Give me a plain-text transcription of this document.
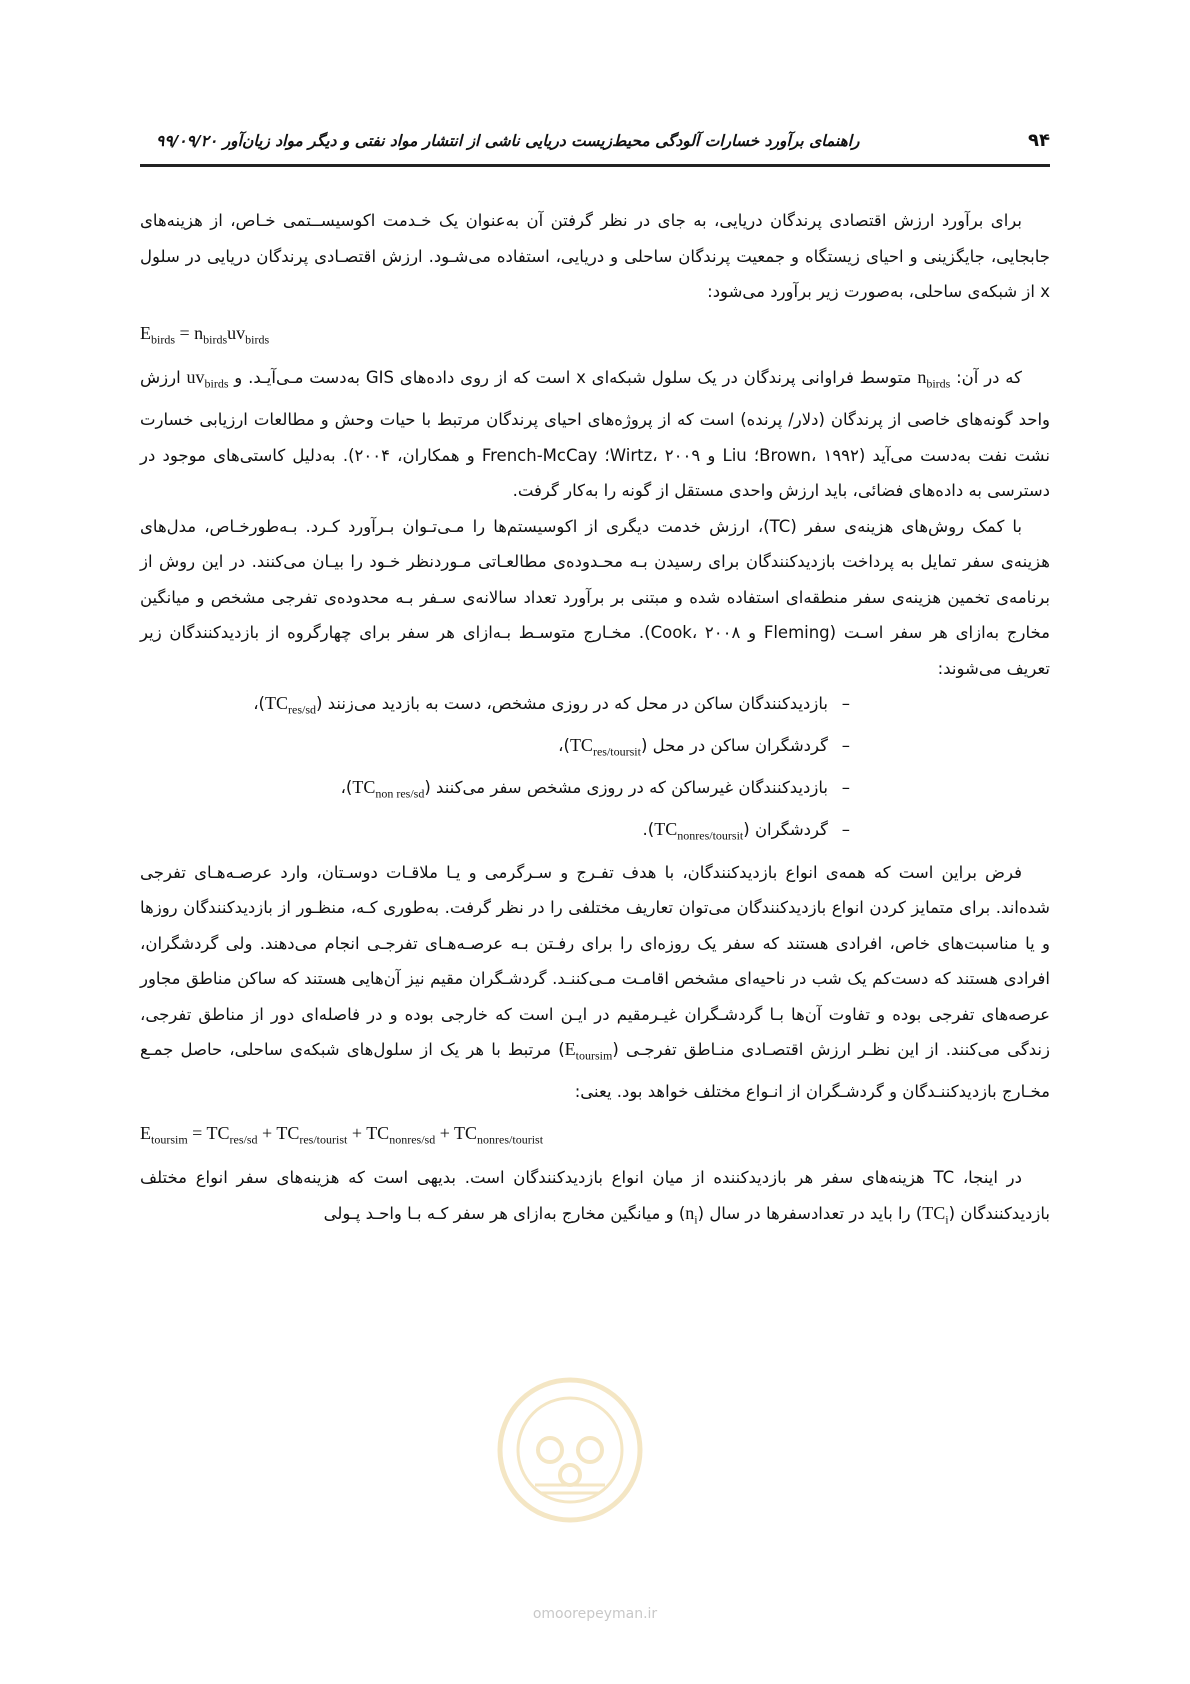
۹۴
راهنمای برآورد خسارات آلودگی محیط‌زیست دریایی ناشی از انتشار مواد نفتی و دیگر مواد زیان‌آور ۹۹/۰۹/۲۰

برای برآورد ارزش اقتصادی پرندگان دریایی، به جای در نظر گرفتن آن به‌عنوان یک خـدمت اکوسیســتمی خـاص، از هزینه‌های جابجایی، جایگزینی و احیای زیستگاه و جمعیت پرندگان ساحلی و دریایی، استفاده می‌شـود. ارزش اقتصـادی پرندگان دریایی در سلول x از شبکه‌ی ساحلی، به‌صورت زیر برآورد می‌شود:

$E_{birds} = n_{birds}uv_{birds}$

که در آن: $n_{birds}$ متوسط فراوانی پرندگان در یک سلول شبکه‌ای x است که از روی داده‌های GIS به‌دست مـی‌آیـد. و $uv_{birds}$ ارزش واحد گونه‌های خاصی از پرندگان (دلار/ پرنده) است که از پروژه‌های احیای پرندگان مرتبط با حیات وحش و مطالعات ارزیابی خسارت نشت نفت به‌دست می‌آید (Brown، ۱۹۹۲؛ Liu و Wirtz، ۲۰۰۹؛ French-McCay و همکاران، ۲۰۰۴). به‌دلیل کاستی‌های موجود در دسترسی به داده‌های فضائی، باید ارزش واحدی مستقل از گونه را به‌کار گرفت.

با کمک روش‌های هزینه‌ی سفر (TC)، ارزش خدمت دیگری از اکوسیستم‌ها را مـی‌تـوان بـرآورد کـرد. بـه‌طورخـاص، مدل‌های هزینه‌ی سفر تمایل به پرداخت بازدیدکنندگان برای رسیدن بـه محـدوده‌ی مطالعـاتی مـوردنظر خـود را بیـان می‌کنند. در این روش از برنامه‌ی تخمین هزینه‌ی سفر منطقه‌ای استفاده شده و مبتنی بر برآورد تعداد سالانه‌ی سـفر بـه محدوده‌ی تفرجی مشخص و میانگین مخارج به‌ازای هر سفر اسـت (Fleming و Cook، ۲۰۰۸). مخـارج متوسـط بـه‌ازای هر سفر برای چهارگروه از بازدیدکنندگان زیر تعریف می‌شوند:

– بازدیدکنندگان ساکن در محل که در روزی مشخص، دست به بازدید می‌زنند $(TC_{res/sd})،$
– گردشگران ساکن در محل $(TC_{res/toursit})،$
– بازدیدکنندگان غیرساکن که در روزی مشخص سفر می‌کنند $(TC_{non res/sd})،$
– گردشگران $(TC_{nonres/toursit})$.

فرض براین است که همه‌ی انواع بازدیدکنندگان، با هدف تفـرج و سـرگرمی و یـا ملاقـات دوسـتان، وارد عرصـه‌هـای تفرجی شده‌اند. برای متمایز کردن انواع بازدیدکنندگان می‌توان تعاریف مختلفی را در نظر گرفت. به‌طوری کـه، منظـور از بازدیدکنندگان روزها و یا مناسبت‌های خاص، افرادی هستند که سفر یک روزه‌ای را برای رفـتن بـه عرصـه‌هـای تفرجـی انجام می‌دهند. ولی گردشگران، افرادی هستند که دست‌کم یک شب در ناحیه‌ای مشخص اقامـت مـی‌کننـد. گردشـگران مقیم نیز آن‌هایی هستند که ساکن مناطق مجاور عرصه‌های تفرجی بوده و تفاوت آن‌ها بـا گردشـگران غیـرمقیم در ایـن است که خارجی بوده و در فاصله‌ای دور از مناطق تفرجی، زندگی می‌کنند. از این نظـر ارزش اقتصـادی منـاطق تفرجـی $(E_{toursim})$ مرتبط با هر یک از سلول‌های شبکه‌ی ساحلی، حاصل جمـع مخـارج بازدیدکننـدگان و گردشـگران از انـواع مختلف خواهد بود. یعنی:

$E_{toursim} = TC_{res/sd} + TC_{res/tourist} + TC_{nonres/sd} + TC_{nonres/tourist}$

در اینجا، TC هزینه‌های سفر هر بازدیدکننده از میان انواع بازدیدکنندگان است. بدیهی است که هزینه‌های سفر انواع مختلف بازدیدکنندگان $(TC_i)$ را باید در تعدادسفرها در سال $(n_i)$ و میانگین مخارج به‌ازای هر سفر کـه بـا واحـد پـولی

omoorepeyman.ir
